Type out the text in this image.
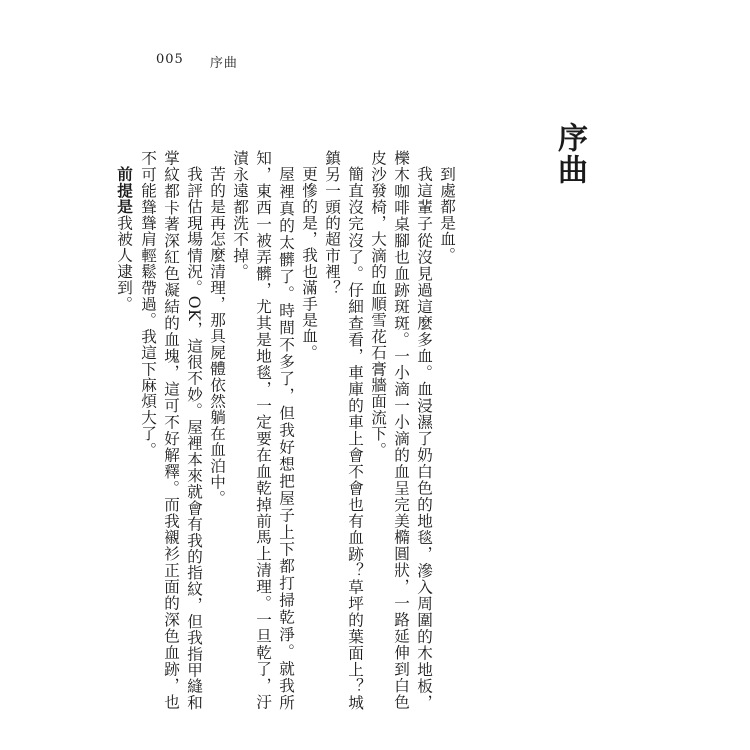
005 序曲
序曲

到處都是血。

我這輩子從沒見過這麼多血。血浸濕了奶白色的地毯，滲入周圍的木地板，櫟木咖啡桌腳也血跡斑斑。一小滴一小滴的血呈完美橢圓狀，一路延伸到白色皮沙發椅，大滴的血順雪花石膏牆面流下。

簡直沒完沒了。仔細查看，車庫的車上會不會也有血跡？草坪的葉面上？城鎮另一頭的超市裡？

更慘的是，我也滿手是血。

屋裡真的太髒了。時間不多了，但我好想把屋子上下都打掃乾淨。就我所知，東西一被弄髒，尤其是地毯，一定要在血乾掉前馬上清理。一旦乾了，汙漬永遠都洗不掉。

苦的是再怎麼清理，那具屍體依然躺在血泊中。

我評估現場情況。OK，這很不妙。屋裡本來就會有我的指紋，但我指甲縫和掌紋都卡著深紅色凝結的血塊，這可不好解釋。而我襯衫正面的深色血跡，也不可能聳聳肩輕鬆帶過。我這下麻煩大了。

前提是我被人逮到。
